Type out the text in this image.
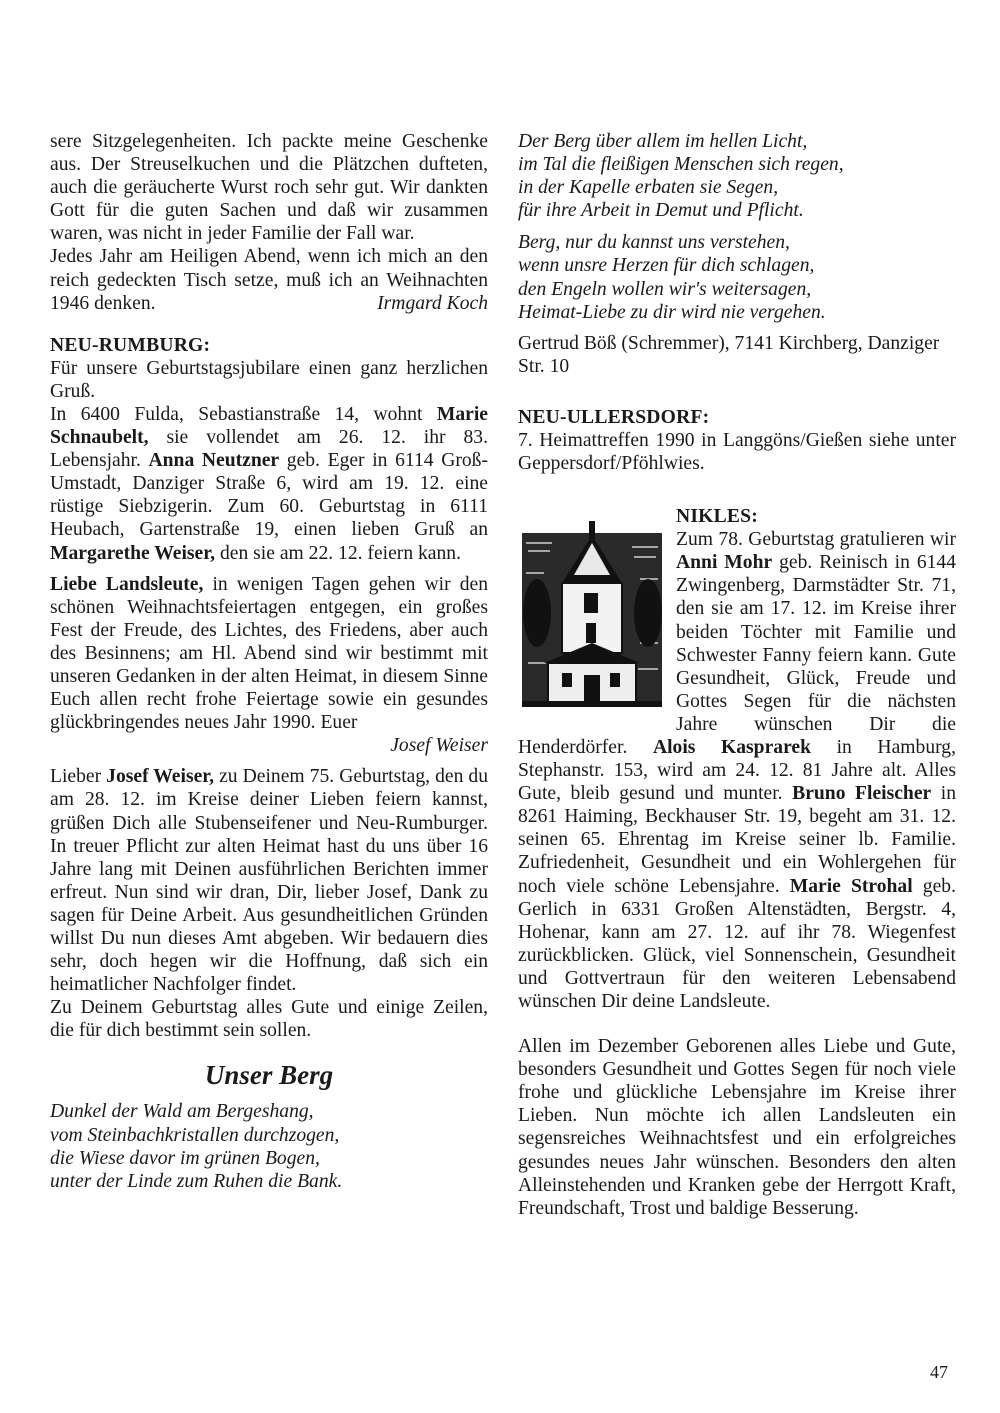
sere Sitzgelegenheiten. Ich packte meine Geschenke aus. Der Streuselkuchen und die Plätzchen dufteten, auch die geräucherte Wurst roch sehr gut. Wir dankten Gott für die guten Sachen und daß wir zusammen waren, was nicht in jeder Familie der Fall war.

Jedes Jahr am Heiligen Abend, wenn ich mich an den reich gedeckten Tisch setze, muß ich an Weihnachten 1946 denken.	Irmgard Koch

NEU-RUMBURG:

Für unsere Geburtstagsjubilare einen ganz herzlichen Gruß.

In 6400 Fulda, Sebastianstraße 14, wohnt Marie Schnaubelt, sie vollendet am 26. 12. ihr 83. Lebensjahr. Anna Neutzner geb. Eger in 6114 Groß-Umstadt, Danziger Straße 6, wird am 19. 12. eine rüstige Siebzigerin. Zum 60. Geburtstag in 6111 Heubach, Gartenstraße 19, einen lieben Gruß an Margarethe Weiser, den sie am 22. 12. feiern kann.

Liebe Landsleute, in wenigen Tagen gehen wir den schönen Weihnachtsfeiertagen entgegen, ein großes Fest der Freude, des Lichtes, des Friedens, aber auch des Besinnens; am Hl. Abend sind wir bestimmt mit unseren Gedanken in der alten Heimat, in diesem Sinne Euch allen recht frohe Feiertage sowie ein gesundes glückbringendes neues Jahr 1990. Euer

Josef Weiser

Lieber Josef Weiser, zu Deinem 75. Geburtstag, den du am 28. 12. im Kreise deiner Lieben feiern kannst, grüßen Dich alle Stubenseifener und Neu-Rumburger. In treuer Pflicht zur alten Heimat hast du uns über 16 Jahre lang mit Deinen ausführlichen Berichten immer erfreut. Nun sind wir dran, Dir, lieber Josef, Dank zu sagen für Deine Arbeit. Aus gesundheitlichen Gründen willst Du nun dieses Amt abgeben. Wir bedauern dies sehr, doch hegen wir die Hoffnung, daß sich ein heimatlicher Nachfolger findet.

Zu Deinem Geburtstag alles Gute und einige Zeilen, die für dich bestimmt sein sollen.

Unser Berg

Dunkel der Wald am Bergeshang,
vom Steinbachkristallen durchzogen,
die Wiese davor im grünen Bogen,
unter der Linde zum Ruhen die Bank.

Der Berg über allem im hellen Licht,
im Tal die fleißigen Menschen sich regen,
in der Kapelle erbaten sie Segen,
für ihre Arbeit in Demut und Pflicht.

Berg, nur du kannst uns verstehen,
wenn unsre Herzen für dich schlagen,
den Engeln wollen wir's weitersagen,
Heimat-Liebe zu dir wird nie vergehen.

Gertrud Böß (Schremmer), 7141 Kirchberg, Danziger Str. 10

NEU-ULLERSDORF:

7. Heimattreffen 1990 in Langgöns/Gießen siehe unter Geppersdorf/Pföhlwies.

NIKLES:

Zum 78. Geburtstag gratulieren wir Anni Mohr geb. Reinisch in 6144 Zwingenberg, Darmstädter Str. 71, den sie am 17. 12. im Kreise ihrer beiden Töchter mit Familie und Schwester Fanny feiern kann. Gute Gesundheit, Glück, Freude und Gottes Segen für die nächsten Jahre wünschen Dir die Henderdörfer. Alois Kasprarek in Hamburg, Stephanstr. 153, wird am 24. 12. 81 Jahre alt. Alles Gute, bleib gesund und munter. Bruno Fleischer in 8261 Haiming, Beckhauser Str. 19, begeht am 31. 12. seinen 65. Ehrentag im Kreise seiner lb. Familie. Zufriedenheit, Gesundheit und ein Wohlergehen für noch viele schöne Lebensjahre. Marie Strohal geb. Gerlich in 6331 Großen Altenstädten, Bergstr. 4, Hohenar, kann am 27. 12. auf ihr 78. Wiegenfest zurückblicken. Glück, viel Sonnenschein, Gesundheit und Gottvertraun für den weiteren Lebensabend wünschen Dir deine Landsleute.

Allen im Dezember Geborenen alles Liebe und Gute, besonders Gesundheit und Gottes Segen für noch viele frohe und glückliche Lebensjahre im Kreise ihrer Lieben. Nun möchte ich allen Landsleuten ein segensreiches Weihnachtsfest und ein erfolgreiches gesundes neues Jahr wünschen. Besonders den alten Alleinstehenden und Kranken gebe der Herrgott Kraft, Freundschaft, Trost und baldige Besserung.

47
